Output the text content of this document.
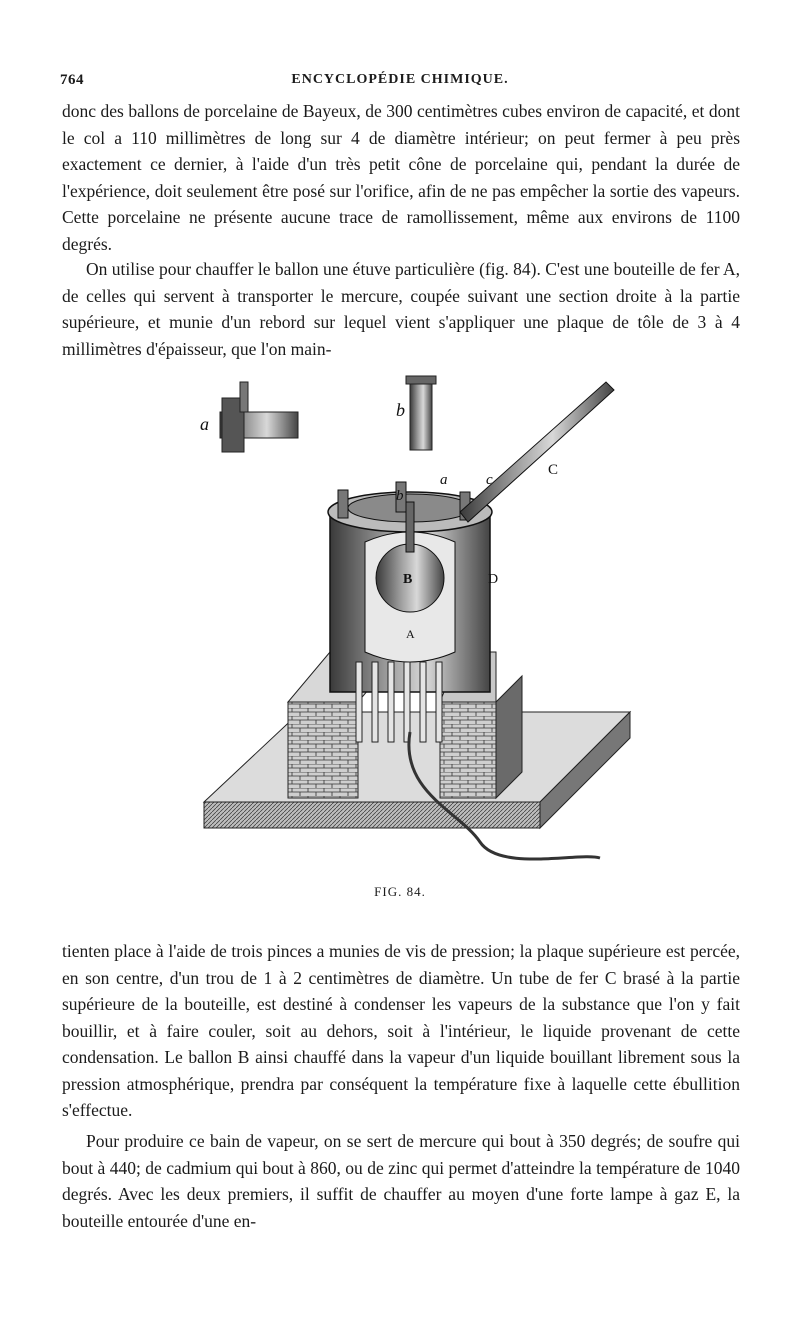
764	ENCYCLOPÉDIE CHIMIQUE.

donc des ballons de porcelaine de Bayeux, de 300 centimètres cubes environ de capacité, et dont le col a 110 millimètres de long sur 4 de diamètre intérieur; on peut fermer à peu près exactement ce dernier, à l'aide d'un très petit cône de porcelaine qui, pendant la durée de l'expérience, doit seulement être posé sur l'orifice, afin de ne pas empêcher la sortie des vapeurs. Cette porcelaine ne présente aucune trace de ramollissement, même aux environs de 1100 degrés.

On utilise pour chauffer le ballon une étuve particulière (fig. 84). C'est une bouteille de fer A, de celles qui servent à transporter le mercure, coupée suivant une section droite à la partie supérieure, et munie d'un rebord sur lequel vient s'appliquer une plaque de tôle de 3 à 4 millimètres d'épaisseur, que l'on main-

a
b
a
b
c
C
B	D
A
FIG. 84.

tienten place à l'aide de trois pinces a munies de vis de pression; la plaque supérieure est percée, en son centre, d'un trou de 1 à 2 centimètres de diamètre. Un tube de fer C brasé à la partie supérieure de la bouteille, est destiné à condenser les vapeurs de la substance que l'on y fait bouillir, et à faire couler, soit au dehors, soit à l'intérieur, le liquide provenant de cette condensation. Le ballon B ainsi chauffé dans la vapeur d'un liquide bouillant librement sous la pression atmosphérique, prendra par conséquent la température fixe à laquelle cette ébullition s'effectue.

Pour produire ce bain de vapeur, on se sert de mercure qui bout à 350 degrés; de soufre qui bout à 440; de cadmium qui bout à 860, ou de zinc qui permet d'atteindre la température de 1040 degrés. Avec les deux premiers, il suffit de chauffer au moyen d'une forte lampe à gaz E, la bouteille entourée d'une en-
